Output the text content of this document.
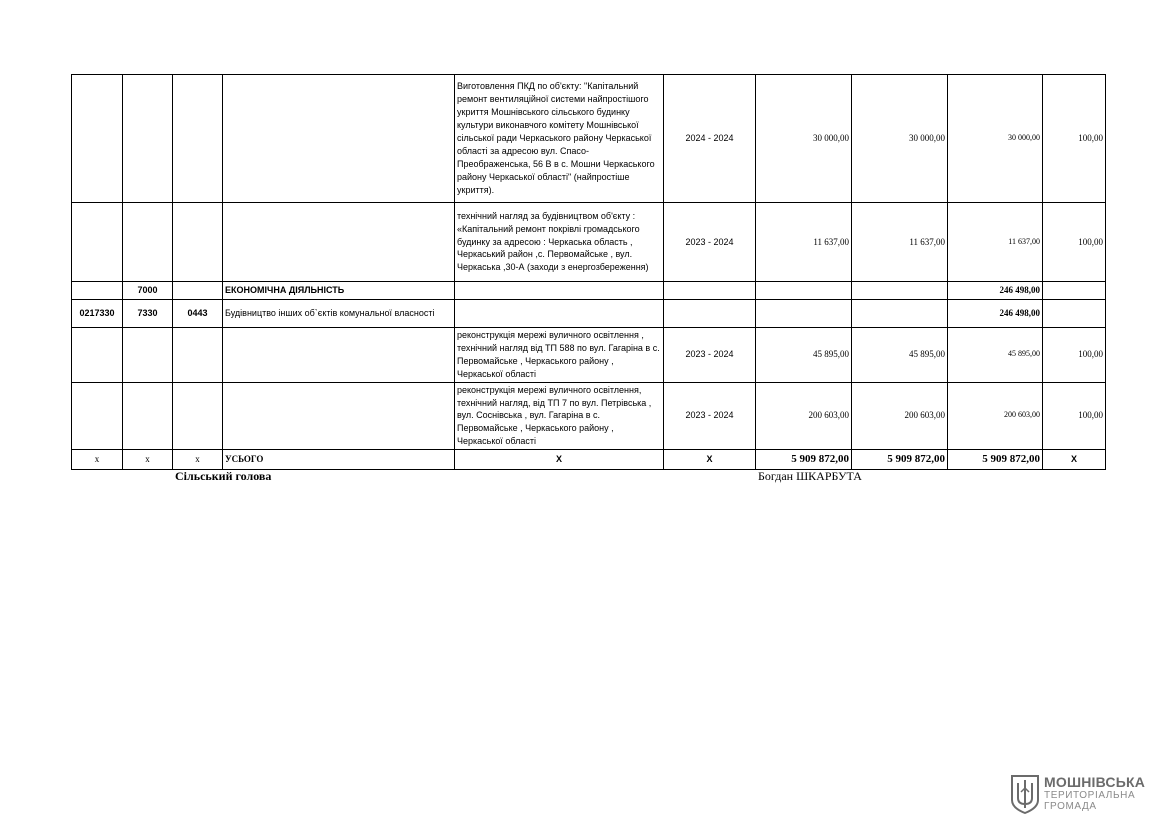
				Виготовлення ПКД по об'єкту: "Капітальний ремонт вентиляційної системи найпростішого укриття Мошнівського сільського будинку культури виконавчого комітету Мошнівської сільської ради Черкаського району Черкаської області за адресою вул. Спасо-Преображенська, 56 В в с. Мошни Черкаського району Черкаської області" (найпростіше укриття).	2024 - 2024	30 000,00	30 000,00	30 000,00	100,00
				технічний нагляд за будівництвом об'єкту : «Капітальний ремонт покрівлі громадського будинку за адресою : Черкаська область , Черкаський район ,с. Первомайське , вул. Черкаська ,30-А (заходи з енергозбереження)	2023 - 2024	11 637,00	11 637,00	11 637,00	100,00
	7000		ЕКОНОМІЧНА ДІЯЛЬНІСТЬ					246 498,00	
0217330	7330	0443	Будівництво інших об`єктів комунальної власності					246 498,00	
				реконструкція мережі вуличного освітлення , технічний нагляд від ТП 588 по вул. Гагаріна в с. Первомайське , Черкаського району , Черкаської області	2023 - 2024	45 895,00	45 895,00	45 895,00	100,00
				реконструкція мережі вуличного освітлення, технічний нагляд, від ТП 7 по вул. Петрівська , вул. Соснівська , вул. Гагаріна в с. Первомайське , Черкаського району , Черкаської області	2023 - 2024	200 603,00	200 603,00	200 603,00	100,00
x	x	x	УСЬОГО	X	X	5 909 872,00	5 909 872,00	5 909 872,00	X
Сільський голова	Богдан ШКАРБУТА
МОШНІВСЬКА
ТЕРИТОРІАЛЬНА
ГРОМАДА
